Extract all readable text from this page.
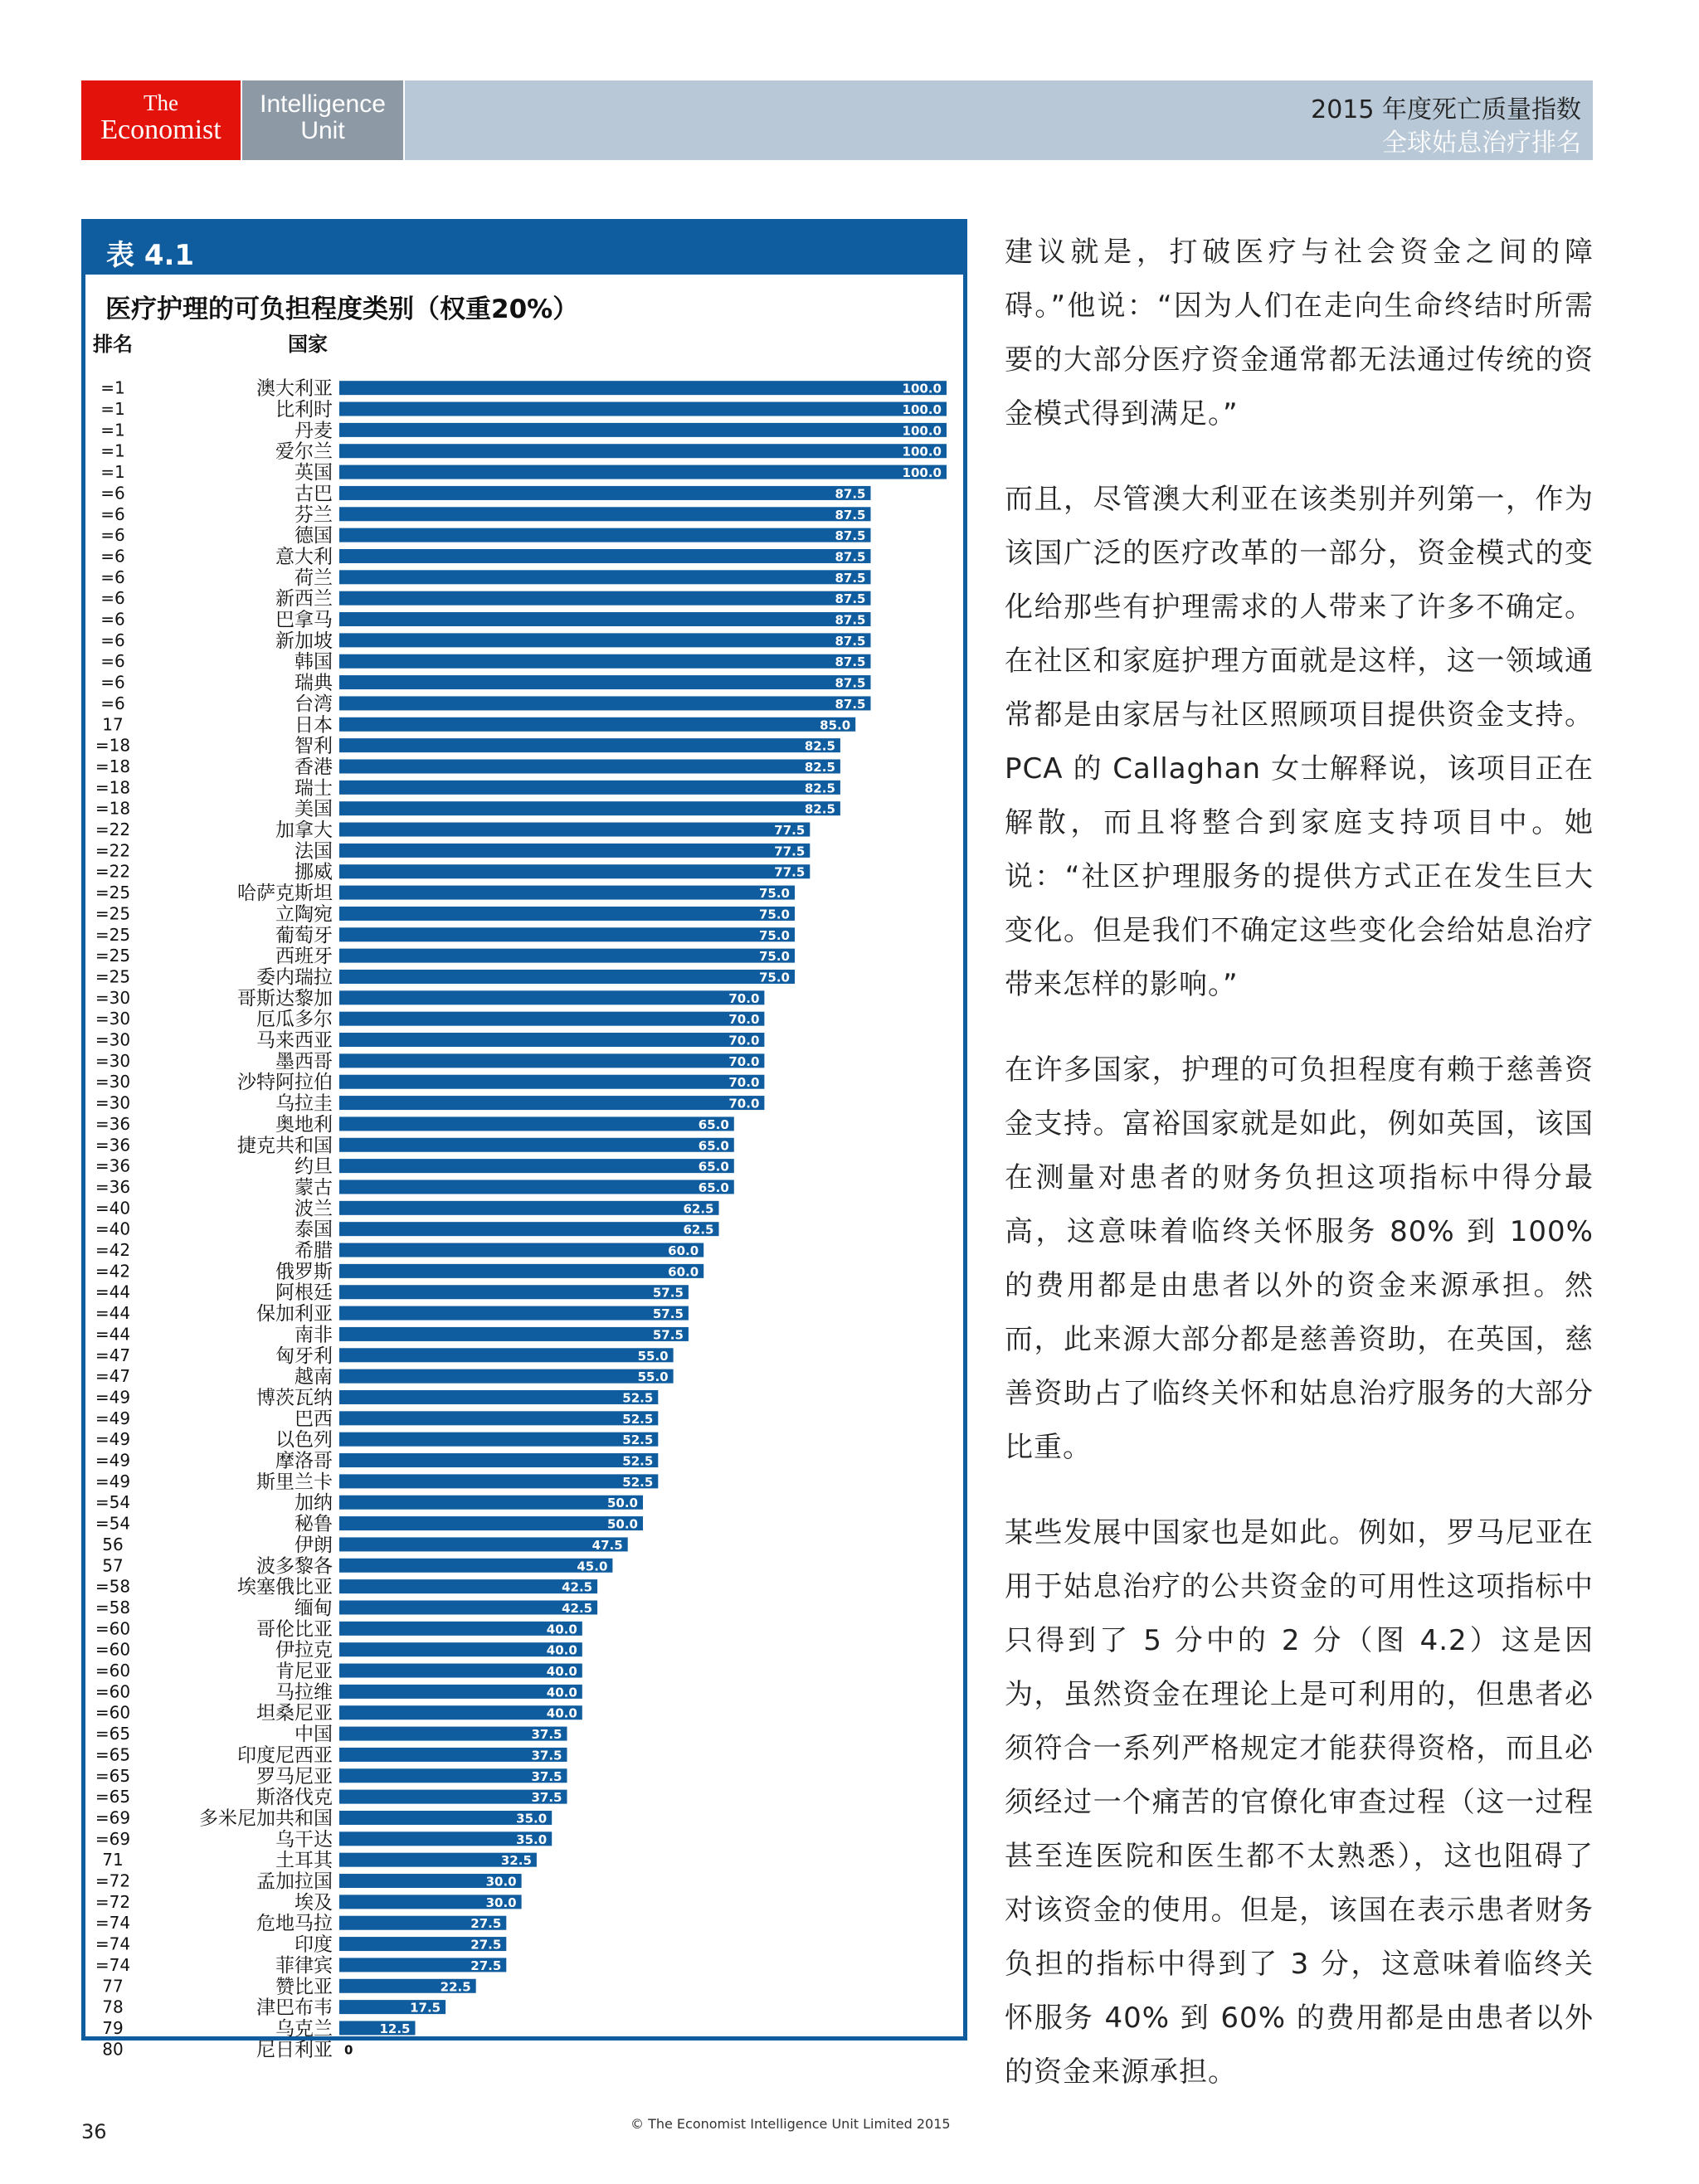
The
Economist
Intelligence
Unit
2015 年度死亡质量指数
全球姑息治疗排名
表 4.1
医疗护理的可负担程度类别（权重20%）
排名	国家
=1	澳大利亚	100.0
=1	比利时	100.0
=1	丹麦	100.0
=1	爱尔兰	100.0
=1	英国	100.0
=6	古巴	87.5
=6	芬兰	87.5
=6	德国	87.5
=6	意大利	87.5
=6	荷兰	87.5
=6	新西兰	87.5
=6	巴拿马	87.5
=6	新加坡	87.5
=6	韩国	87.5
=6	瑞典	87.5
=6	台湾	87.5
17	日本	85.0
=18	智利	82.5
=18	香港	82.5
=18	瑞士	82.5
=18	美国	82.5
=22	加拿大	77.5
=22	法国	77.5
=22	挪威	77.5
=25	哈萨克斯坦	75.0
=25	立陶宛	75.0
=25	葡萄牙	75.0
=25	西班牙	75.0
=25	委内瑞拉	75.0
=30	哥斯达黎加	70.0
=30	厄瓜多尔	70.0
=30	马来西亚	70.0
=30	墨西哥	70.0
=30	沙特阿拉伯	70.0
=30	乌拉圭	70.0
=36	奥地利	65.0
=36	捷克共和国	65.0
=36	约旦	65.0
=36	蒙古	65.0
=40	波兰	62.5
=40	泰国	62.5
=42	希腊	60.0
=42	俄罗斯	60.0
=44	阿根廷	57.5
=44	保加利亚	57.5
=44	南非	57.5
=47	匈牙利	55.0
=47	越南	55.0
=49	博茨瓦纳	52.5
=49	巴西	52.5
=49	以色列	52.5
=49	摩洛哥	52.5
=49	斯里兰卡	52.5
=54	加纳	50.0
=54	秘鲁	50.0
56	伊朗	47.5
57	波多黎各	45.0
=58	埃塞俄比亚	42.5
=58	缅甸	42.5
=60	哥伦比亚	40.0
=60	伊拉克	40.0
=60	肯尼亚	40.0
=60	马拉维	40.0
=60	坦桑尼亚	40.0
=65	中国	37.5
=65	印度尼西亚	37.5
=65	罗马尼亚	37.5
=65	斯洛伐克	37.5
=69	多米尼加共和国	35.0
=69	乌干达	35.0
71	土耳其	32.5
=72	孟加拉国	30.0
=72	埃及	30.0
=74	危地马拉	27.5
=74	印度	27.5
=74	菲律宾	27.5
77	赞比亚	22.5
78	津巴布韦	17.5
79	乌克兰	12.5
80	尼日利亚 0

建议就是，打破医疗与社会资金之间的障碍。”他说：“因为人们在走向生命终结时所需要的大部分医疗资金通常都无法通过传统的资金模式得到满足。”

而且，尽管澳大利亚在该类别并列第一，作为该国广泛的医疗改革的一部分，资金模式的变化给那些有护理需求的人带来了许多不确定。在社区和家庭护理方面就是这样，这一领域通常都是由家居与社区照顾项目提供资金支持。PCA 的 Callaghan 女士解释说，该项目正在解散，而且将整合到家庭支持项目中。她说：“社区护理服务的提供方式正在发生巨大变化。但是我们不确定这些变化会给姑息治疗带来怎样的影响。”

在许多国家，护理的可负担程度有赖于慈善资金支持。富裕国家就是如此，例如英国，该国在测量对患者的财务负担这项指标中得分最高，这意味着临终关怀服务 80% 到 100% 的费用都是由患者以外的资金来源承担。然而，此来源大部分都是慈善资助，在英国，慈善资助占了临终关怀和姑息治疗服务的大部分比重。

某些发展中国家也是如此。例如，罗马尼亚在用于姑息治疗的公共资金的可用性这项指标中只得到了 5 分中的 2 分（图 4.2）这是因为，虽然资金在理论上是可利用的，但患者必须符合一系列严格规定才能获得资格，而且必须经过一个痛苦的官僚化审查过程（这一过程甚至连医院和医生都不太熟悉），这也阻碍了对该资金的使用。但是，该国在表示患者财务负担的指标中得到了 3 分，这意味着临终关怀服务 40% 到 60% 的费用都是由患者以外的资金来源承担。

36	© The Economist Intelligence Unit Limited 2015
